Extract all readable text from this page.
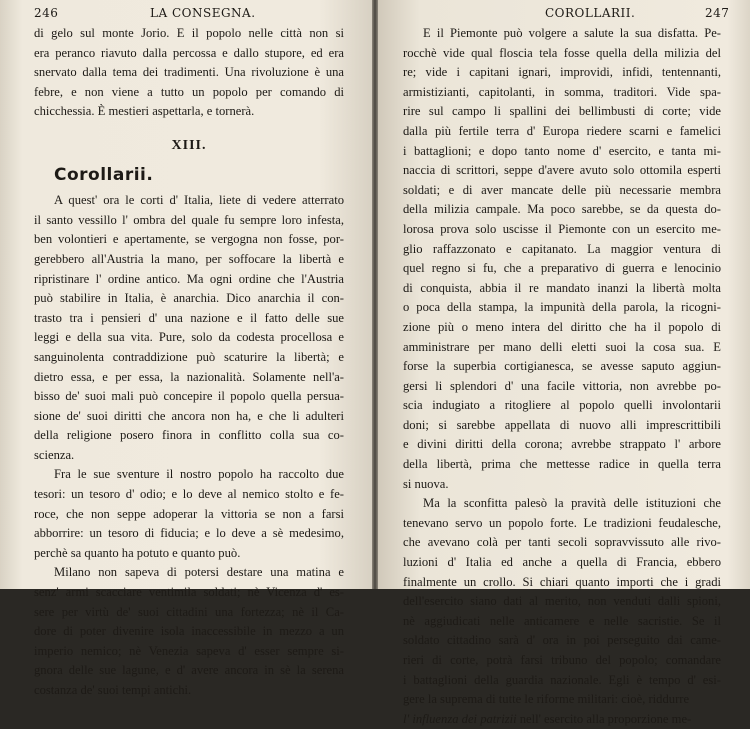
246	LA CONSEGNA.
di gelo sul monte Jorio. E il popolo nelle città non si
era peranco riavuto dalla percossa e dallo stupore, ed era
snervato dalla tema dei tradimenti. Una rivoluzione è una
febre, e non viene a tutto un popolo per comando di
chicchessia. È mestieri aspettarla, e tornerà.
XIII.
Corollarii.
A quest' ora le corti d' Italia, liete di vedere atterrato
il santo vessillo l' ombra del quale fu sempre loro infesta,
ben volontieri e apertamente, se vergogna non fosse, por-
gerebbero all'Austria la mano, per soffocare la libertà e
ripristinare l' ordine antico. Ma ogni ordine che l'Austria
può stabilire in Italia, è anarchia. Dico anarchia il con-
trasto tra i pensieri d' una nazione e il fatto delle sue
leggi e della sua vita. Pure, solo da codesta procellosa e
sanguinolenta contraddizione può scaturire la libertà; e
dietro essa, e per essa, la nazionalità. Solamente nell'a-
bisso de' suoi mali può concepire il popolo quella persua-
sione de' suoi diritti che ancora non ha, e che li adulteri
della religione posero finora in conflitto colla sua co-
scienza.
Fra le sue sventure il nostro popolo ha raccolto due
tesori: un tesoro d' odio; e lo deve al nemico stolto e fe-
roce, che non seppe adoperar la vittoria se non a farsi
abborrire: un tesoro di fiducia; e lo deve a sè medesimo,
perchè sa quanto ha potuto e quanto può.
Milano non sapeva di potersi destare una matina e
senz' armi scacciare ventimila soldati; nè Vicenza d' es-
sere per virtù de' suoi cittadini una fortezza; nè il Ca-
dore di poter divenire isola inaccessibile in mezzo a un
imperio nemico; nè Venezia sapeva d' esser sempre si-
gnora delle sue lagune, e d' avere ancora in sè la serena
costanza de' suoi tempi antichi.
COROLLARII.	247
E il Piemonte può volgere a salute la sua disfatta. Pe-
rocchè vide qual floscia tela fosse quella della milizia del
re; vide i capitani ignari, improvidi, infidi, tentennanti,
armistizianti, capitolanti, in somma, traditori. Vide spa-
rire sul campo li spallini dei bellimbusti di corte; vide
dalla più fertile terra d' Europa riedere scarni e famelici
i battaglioni; e dopo tanto nome d' esercito, e tanta mi-
naccia di scrittori, seppe d'avere avuto solo ottomila esperti
soldati; e di aver mancate delle più necessarie membra
della milizia campale. Ma poco sarebbe, se da questa do-
lorosa prova solo uscisse il Piemonte con un esercito me-
glio raffazzonato e capitanato. La maggior ventura di
quel regno si fu, che a preparativo di guerra e lenocinio
di conquista, abbia il re mandato inanzi la libertà molta
o poca della stampa, la impunità della parola, la ricogni-
zione più o meno intera del diritto che ha il popolo di
amministrare per mano delli eletti suoi la cosa sua. E
forse la superbia cortigianesca, se avesse saputo aggiun-
gersi li splendori d' una facile vittoria, non avrebbe po-
scia indugiato a ritogliere al popolo quelli involontarii
doni; si sarebbe appellata di nuovo alli imprescrittibili
e divini diritti della corona; avrebbe strappato l' arbore
della libertà, prima che mettesse radice in quella terra
si nuova.
Ma la sconfitta palesò la pravità delle istituzioni che
tenevano servo un popolo forte. Le tradizioni feudalesche,
che avevano colà per tanti secoli sopravvissuto alle rivo-
luzioni d' Italia ed anche a quella di Francia, ebbero
finalmente un crollo. Si chiari quanto importi che i gradi
dell'esercito siano dati al merito, non venduti dalli spioni,
nè aggiudicati nelle anticamere e nelle sacristie. Se il
soldato cittadino sarà d' ora in poi perseguito dai came-
rieri di corte, potrà farsi tribuno del popolo; comandare
i battaglioni della guardia nazionale. Egli è tempo d' esi-
gere la suprema di tutte le riforme militari: cioè, riddurre
l' influenza dei patrizii nell' esercito alla proporzione me-
